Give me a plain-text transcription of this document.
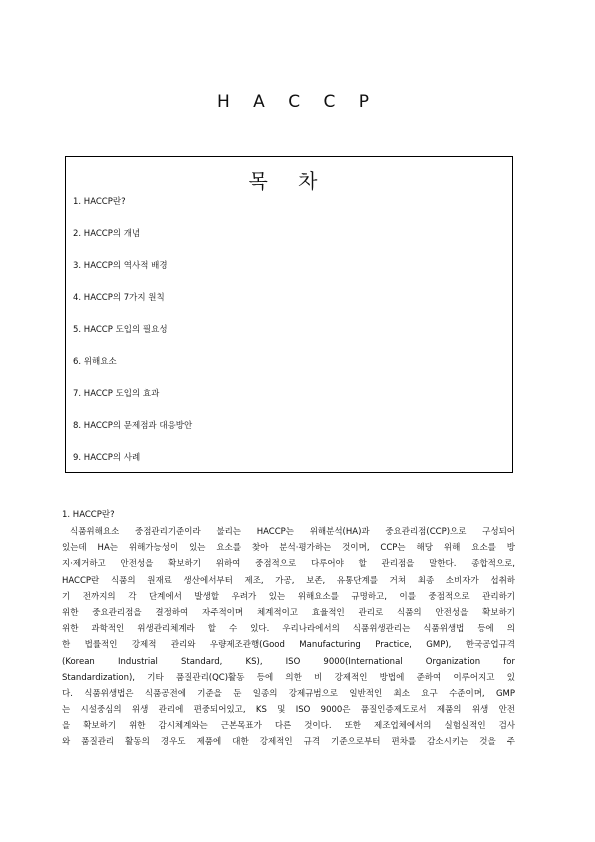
H A C C P
목 차
1. HACCP란?
2. HACCP의 개념
3. HACCP의 역사적 배경
4. HACCP의 7가지 원칙
5. HACCP 도입의 필요성
6. 위해요소
7. HACCP 도입의 효과
8. HACCP의 문제점과 대응방안
9. HACCP의 사례
1. HACCP란?

식품위해요소 중점관리기준이라 불리는 HACCP는 위해분석(HA)과 중요관리점(CCP)으로 구성되어

있는데 HA는 위해가능성이 있는 요소를 찾아 분석·평가하는 것이며, CCP는 해당 위해 요소를 방

지·제거하고 안전성을 확보하기 위하여 중점적으로 다루어야 할 관리점을 말한다. 종합적으로,

HACCP란 식품의 원재료 생산에서부터 제조, 가공, 보존, 유통단계를 거쳐 최종 소비자가 섭취하

기 전까지의 각 단계에서 발생할 우려가 있는 위해요소를 규명하고, 이를 중점적으로 관리하기

위한 중요관리점을 결정하여 자주적이며 체계적이고 효율적인 관리로 식품의 안전성을 확보하기

위한 과학적인 위생관리체계라 할 수 있다. 우리나라에서의 식품위생관리는 식품위생법 등에 의

한 법률적인 강제적 관리와 우량제조관행(Good Manufacturing Practice, GMP), 한국공업규격

(Korean Industrial Standard, KS), ISO 9000(International Organization for

Standardization), 기타 품질관리(QC)활동 등에 의한 비 강제적인 방법에 준하여 이루어지고 있

다. 식품위생법은 식품공전에 기준을 둔 일종의 강제규범으로 일반적인 최소 요구 수준이며, GMP

는 시설중심의 위생 관리에 편중되어있고, KS 및 ISO 9000은 품질인증제도로서 제품의 위생 안전

을 확보하기 위한 감시체계와는 근본목표가 다른 것이다. 또한 제조업체에서의 실험실적인 검사

와 품질관리 활동의 경우도 제품에 대한 강제적인 규격 기준으로부터 편차를 감소시키는 것을 주
